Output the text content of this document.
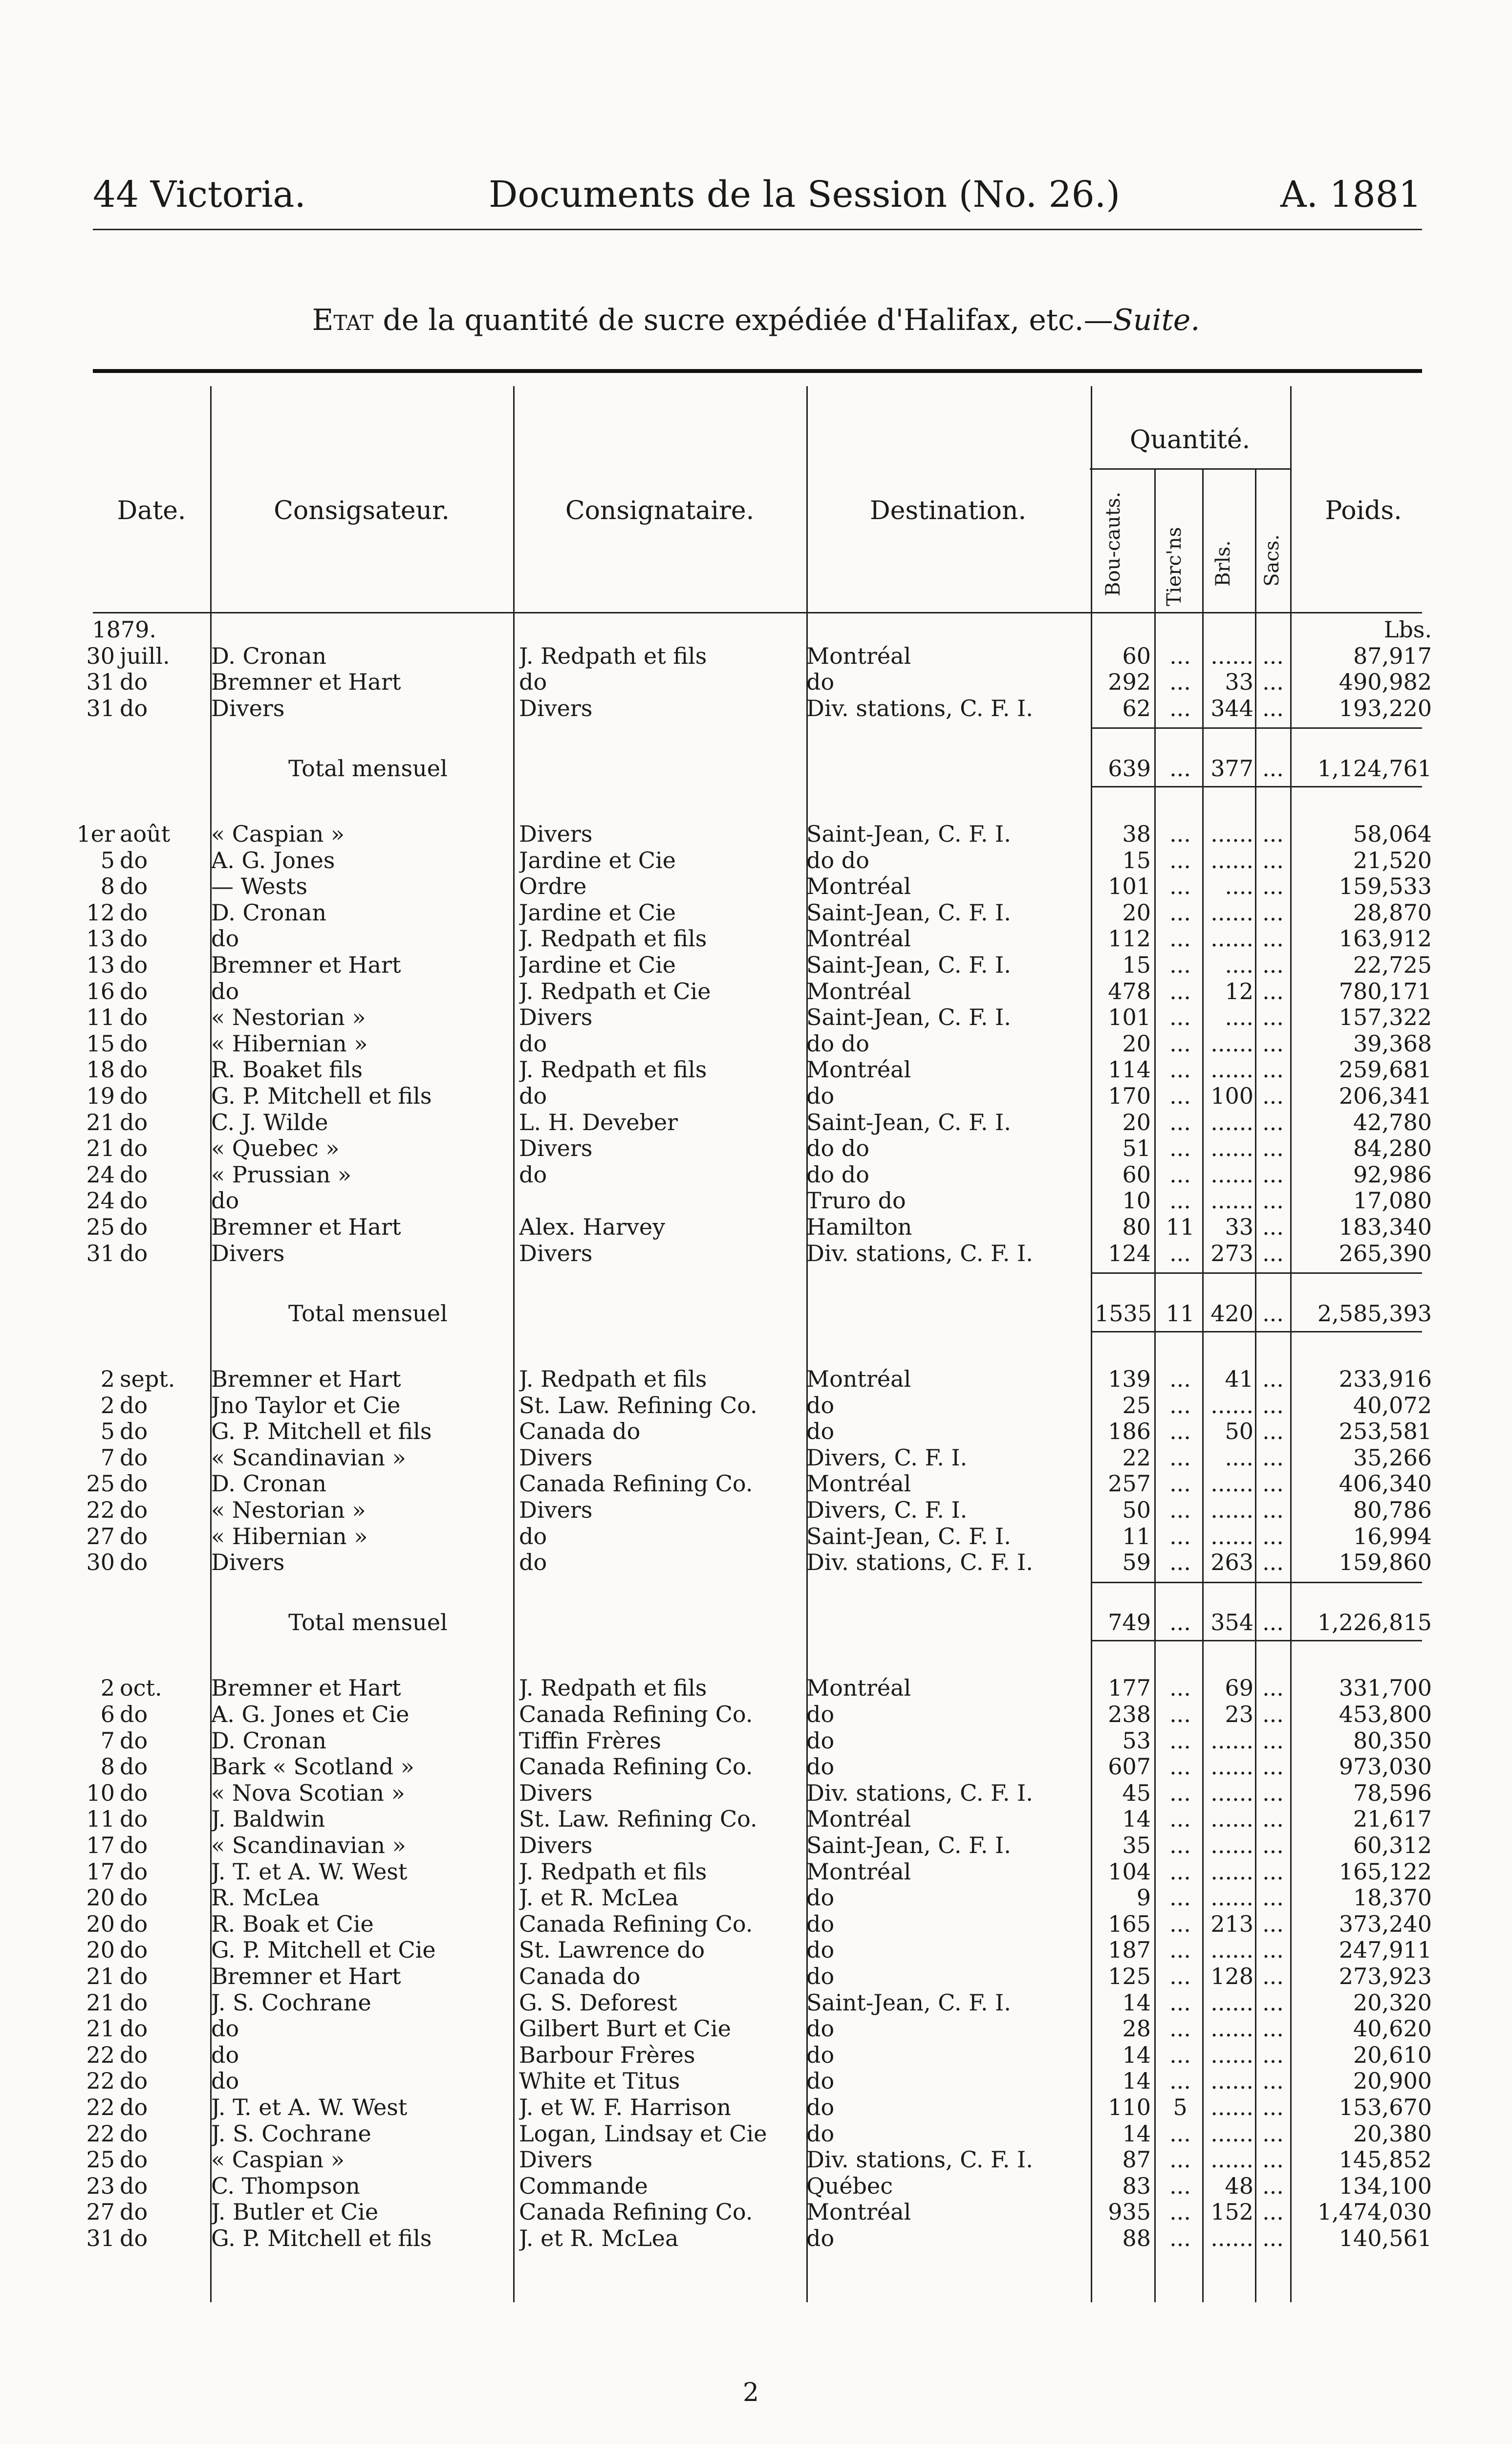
44 Victoria.	Documents de la Session (No. 26.)	A. 1881
Etat de la quantité de sucre expédiée d'Halifax, etc.—Suite.
Date.	Consigsateur.	Consignataire.	Destination.
Quantité.
Poids.
Bou-cauts. Tierc'ns Brls. Sacs.
1879.	Lbs.
30 juill.	D. Cronan	J. Redpath et fils	Montréal	60 ... ...... ...	87,917
31 do	Bremner et Hart	do	do	292 ...	33 ...	490,982
31 do	Divers	Divers	Div. stations, C. F. I.	62 ... 344 ...	193,220
Total mensuel	639 ... 377 ...	1,124,761
1er août	« Caspian »	Divers	Saint-Jean, C. F. I.	38 ... ...... ...	58,064
5 do	A. G. Jones	Jardine et Cie	do do	15 ... ...... ...	21,520
8 do	— Wests	Ordre	Montréal	101 ...	.... ...	159,533
12 do	D. Cronan	Jardine et Cie	Saint-Jean, C. F. I.	20 ... ...... ...	28,870
13 do	do	J. Redpath et fils	Montréal	112 ... ...... ...	163,912
13 do	Bremner et Hart	Jardine et Cie	Saint-Jean, C. F. I.	15 ...	.... ...	22,725
16 do	do	J. Redpath et Cie	Montréal	478 ...	12 ...	780,171
11 do	« Nestorian »	Divers	Saint-Jean, C. F. I.	101 ...	.... ...	157,322
15 do	« Hibernian »	do	do do	20 ... ...... ...	39,368
18 do	R. Boaket fils	J. Redpath et fils	Montréal	114 ... ...... ...	259,681
19 do	G. P. Mitchell et fils	do	do	170 ... 100 ...	206,341
21 do	C. J. Wilde	L. H. Deveber	Saint-Jean, C. F. I.	20 ... ...... ...	42,780
21 do	« Quebec »	Divers	do do	51 ... ...... ...	84,280
24 do	« Prussian »	do	do do	60 ... ...... ...	92,986
24 do	do	Truro do	10 ... ...... ...	17,080
25 do	Bremner et Hart	Alex. Harvey	Hamilton	80 11	33 ...	183,340
31 do	Divers	Divers	Div. stations, C. F. I.	124 ... 273 ...	265,390
Total mensuel	1535 11 420 ...	2,585,393
2 sept.	Bremner et Hart	J. Redpath et fils	Montréal	139 ...	41 ...	233,916
2 do	Jno Taylor et Cie	St. Law. Refining Co.	do	25 ... ...... ...	40,072
5 do	G. P. Mitchell et fils	Canada do	do	186 ...	50 ...	253,581
7 do	« Scandinavian »	Divers	Divers, C. F. I.	22 ...	.... ...	35,266
25 do	D. Cronan	Canada Refining Co.	Montréal	257 ... ...... ...	406,340
22 do	« Nestorian »	Divers	Divers, C. F. I.	50 ... ...... ...	80,786
27 do	« Hibernian »	do	Saint-Jean, C. F. I.	11 ... ...... ...	16,994
30 do	Divers	do	Div. stations, C. F. I.	59 ... 263 ...	159,860
Total mensuel	749 ... 354 ...	1,226,815
2 oct.	Bremner et Hart	J. Redpath et fils	Montréal	177 ...	69 ...	331,700
6 do	A. G. Jones et Cie	Canada Refining Co.	do	238 ...	23 ...	453,800
7 do	D. Cronan	Tiffin Frères	do	53 ... ...... ...	80,350
8 do	Bark « Scotland »	Canada Refining Co.	do	607 ... ...... ...	973,030
10 do	« Nova Scotian »	Divers	Div. stations, C. F. I.	45 ... ...... ...	78,596
11 do	J. Baldwin	St. Law. Refining Co.	Montréal	14 ... ...... ...	21,617
17 do	« Scandinavian »	Divers	Saint-Jean, C. F. I.	35 ... ...... ...	60,312
17 do	J. T. et A. W. West	J. Redpath et fils	Montréal	104 ... ...... ...	165,122
20 do	R. McLea	J. et R. McLea	do	9 ... ...... ...	18,370
20 do	R. Boak et Cie	Canada Refining Co.	do	165 ... 213 ...	373,240
20 do	G. P. Mitchell et Cie	St. Lawrence do	do	187 ... ...... ...	247,911
21 do	Bremner et Hart	Canada do	do	125 ... 128 ...	273,923
21 do	J. S. Cochrane	G. S. Deforest	Saint-Jean, C. F. I.	14 ... ...... ...	20,320
21 do	do	Gilbert Burt et Cie	do	28 ... ...... ...	40,620
22 do	do	Barbour Frères	do	14 ... ...... ...	20,610
22 do	do	White et Titus	do	14 ... ...... ...	20,900
22 do	J. T. et A. W. West	J. et W. F. Harrison	do	110 5	...... ...	153,670
22 do	J. S. Cochrane	Logan, Lindsay et Cie	do	14 ... ...... ...	20,380
25 do	« Caspian »	Divers	Div. stations, C. F. I.	87 ... ...... ...	145,852
23 do	C. Thompson	Commande	Québec	83 ...	48 ...	134,100
27 do	J. Butler et Cie	Canada Refining Co.	Montréal	935 ... 152 ...	1,474,030
31 do	G. P. Mitchell et fils	J. et R. McLea	do	88 ... ...... ...	140,561
2
